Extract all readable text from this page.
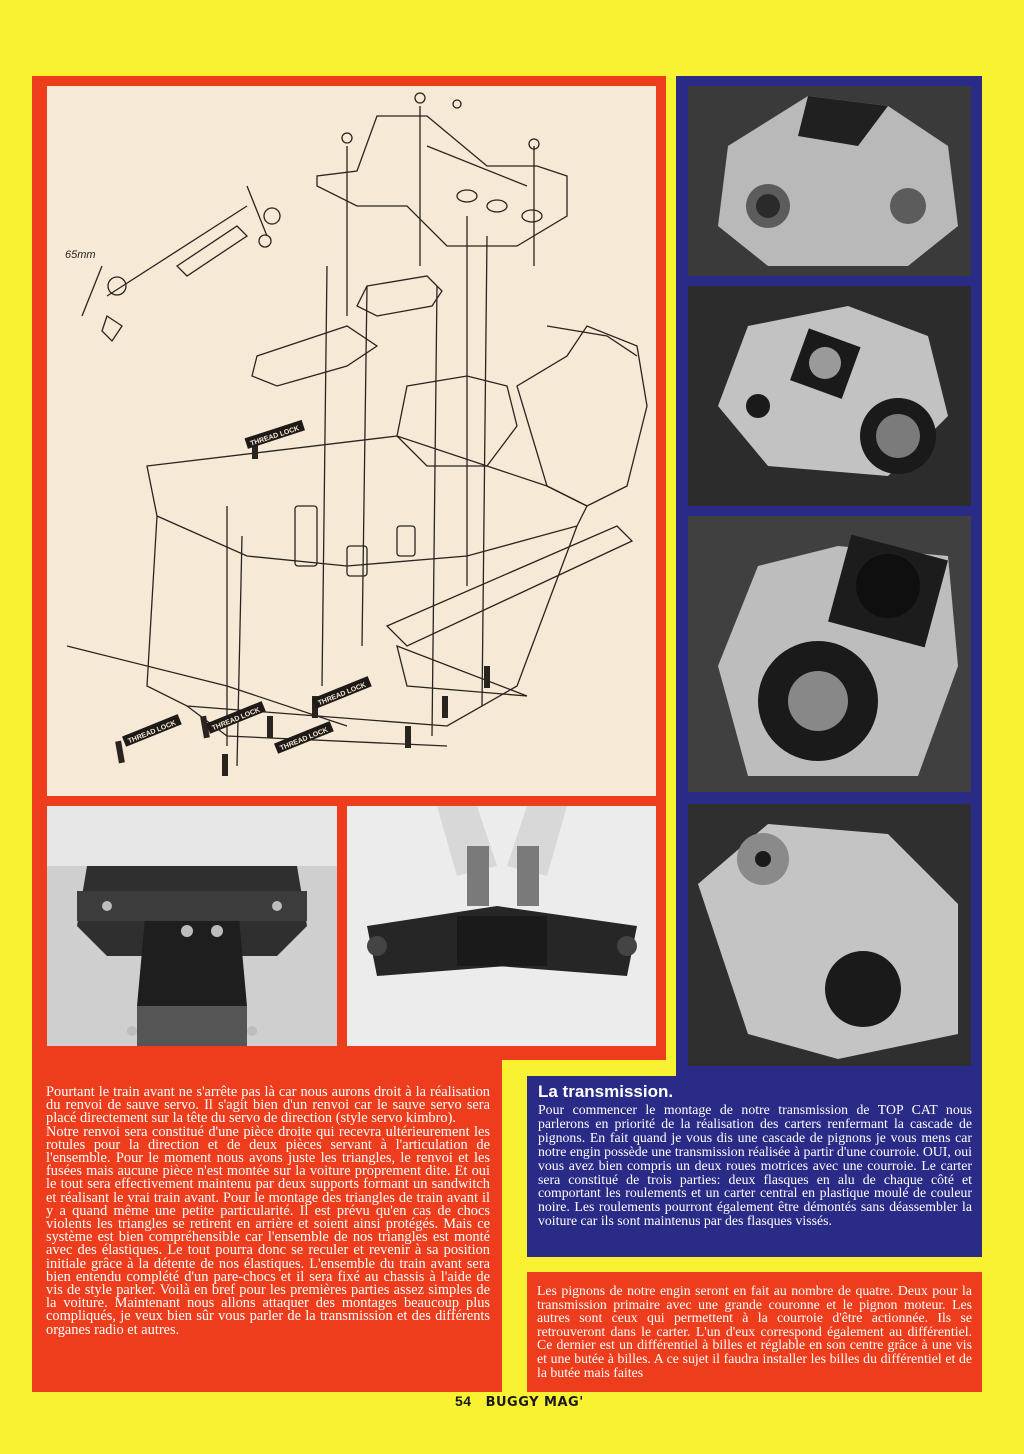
THREAD LOCK
THREAD LOCK
THREAD LOCK
THREAD LOCK
THREAD LOCK
65mm
Pourtant le train avant ne s'arrête pas là car nous aurons droit à la réalisation du renvoi de sauve servo. Il s'agit bien d'un renvoi car le sauve servo sera placé directement sur la tête du servo de direction (style servo kimbro).
Notre renvoi sera constitué d'une pièce droite qui recevra ultérieurement les rotules pour la direction et de deux pièces servant à l'articulation de l'ensemble. Pour le moment nous avons juste les triangles, le renvoi et les fusées mais aucune pièce n'est montée sur la voiture proprement dite. Et oui le tout sera effectivement maintenu par deux supports formant un sandwitch et réalisant le vrai train avant. Pour le montage des triangles de train avant il y a quand même une petite particularité. Il est prévu qu'en cas de chocs violents les triangles se retirent en arrière et soient ainsi protégés. Mais ce système est bien compréhensible car l'ensemble de nos triangles est monté avec des élastiques. Le tout pourra donc se reculer et revenir à sa position initiale grâce à la détente de nos élastiques. L'ensemble du train avant sera bien entendu complété d'un pare-chocs et il sera fixé au chassis à l'aide de vis de style parker. Voilà en bref pour les premières parties assez simples de la voiture. Maintenant nous allons attaquer des montages beaucoup plus compliqués, je veux bien sûr vous parler de la transmission et des différents organes radio et autres.
La transmission.
Pour commencer le montage de notre transmission de TOP CAT nous parlerons en priorité de la réalisation des carters renfermant la cascade de pignons. En fait quand je vous dis une cascade de pignons je vous mens car notre engin possède une transmission réalisée à partir d'une courroie. OUI, oui vous avez bien compris un deux roues motrices avec une courroie. Le carter sera constitué de trois parties: deux flasques en alu de chaque côté et comportant les roulements et un carter central en plastique moulé de couleur noire. Les roulements pourront également être démontés sans déassembler la voiture car ils sont maintenus par des flasques vissés.
Les pignons de notre engin seront en fait au nombre de quatre. Deux pour la transmission primaire avec une grande couronne et le pignon moteur. Les autres sont ceux qui permettent à la courroie d'être actionnée. Ils se retrouveront dans le carter. L'un d'eux correspond également au différentiel. Ce dernier est un différentiel à billes et réglable en son centre grâce à une vis et une butée à billes. A ce sujet il faudra installer les billes du différentiel et de la butée mais faites
54 BUGGY MAG'
